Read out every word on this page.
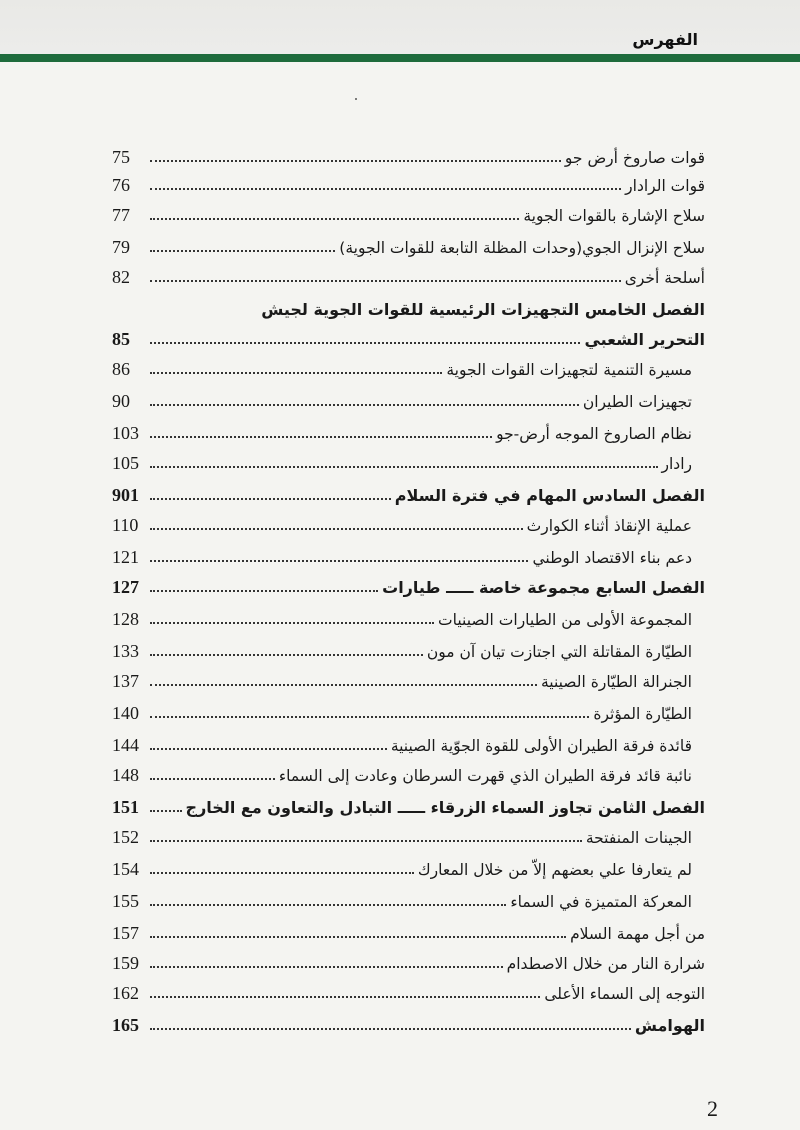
الفهرس
قوات صاروخ أرض جو
75
قوات الرادار
76
سلاح الإشارة بالقوات الجوية
77
سلاح الإنزال الجوي(وحدات المظلة التابعة للقوات الجوية)
79
أسلحة أخرى
82
الفصل الخامس التجهيزات الرئيسية للقوات الجوية لجيش
التحرير الشعبي
85
مسيرة التنمية لتجهيزات القوات الجوية
86
تجهيزات الطيران
90
نظام الصاروخ الموجه أرض-جو
103
رادار
105
الفصل السادس المهام في فترة السلام
901
عملية الإنقاذ أثناء الكوارث
110
دعم بناء الاقتصاد الوطني
121
الفصل السابع مجموعة خاصة ـــــ طيارات
127
المجموعة الأولى من الطيارات الصينيات
128
الطيّارة المقاتلة التي اجتازت تيان آن مون
133
الجنرالة الطيّارة الصينية
137
الطيّارة المؤثرة
140
قائدة فرقة الطيران الأولى للقوة الجوّية الصينية
144
نائبة قائد فرقة الطيران الذي قهرت السرطان وعادت إلى السماء
148
الفصل الثامن تجاوز السماء الزرقاء ـــــ التبادل والتعاون مع الخارج
151
الجينات المنفتحة
152
لم يتعارفا علي بعضهم إلاّ من خلال المعارك
154
المعركة المتميزة في السماء
155
من أجل مهمة السلام
157
شرارة النار من خلال الاصطدام
159
التوجه إلى السماء الأعلى
162
الهوامش
165
2
